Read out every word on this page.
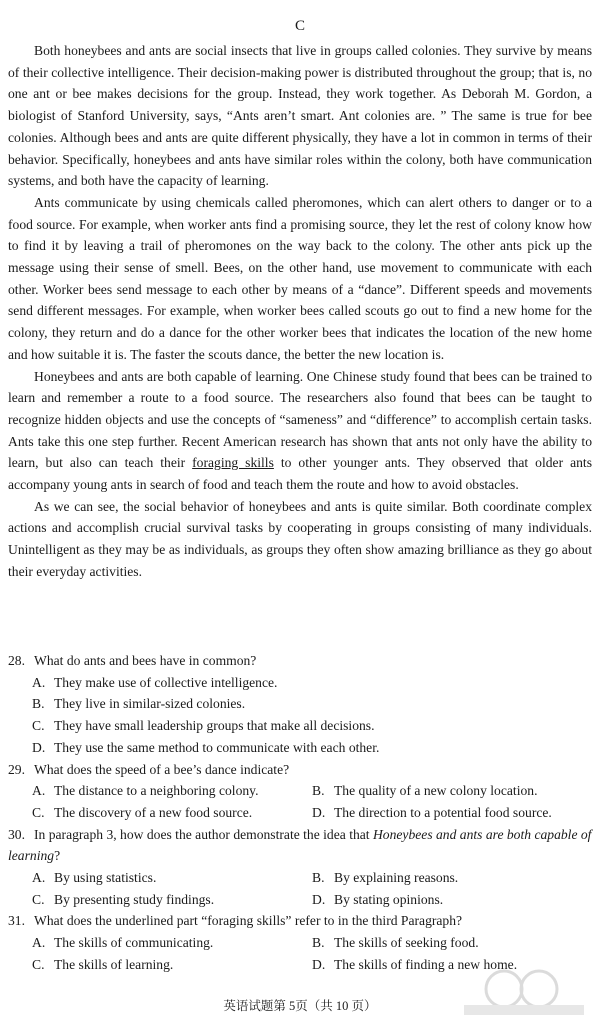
C

Both honeybees and ants are social insects that live in groups called colonies. They survive by means of their collective intelligence. Their decision-making power is distributed throughout the group; that is, no one ant or bee makes decisions for the group. Instead, they work together. As Deborah M. Gordon, a biologist of Stanford University, says, “Ants aren’t smart. Ant colonies are. ” The same is true for bee colonies. Although bees and ants are quite different physically, they have a lot in common in terms of their behavior. Specifically, honeybees and ants have similar roles within the colony, both have communication systems, and both have the capacity of learning.

Ants communicate by using chemicals called pheromones, which can alert others to danger or to a food source. For example, when worker ants find a promising source, they let the rest of colony know how to find it by leaving a trail of pheromones on the way back to the colony. The other ants pick up the message using their sense of smell. Bees, on the other hand, use movement to communicate with each other. Worker bees send message to each other by means of a “dance”. Different speeds and movements send different messages. For example, when worker bees called scouts go out to find a new home for the colony, they return and do a dance for the other worker bees that indicates the location of the new home and how suitable it is. The faster the scouts dance, the better the new location is.

Honeybees and ants are both capable of learning. One Chinese study found that bees can be trained to learn and remember a route to a food source. The researchers also found that bees can be taught to recognize hidden objects and use the concepts of “sameness” and “difference” to accomplish certain tasks. Ants take this one step further. Recent American research has shown that ants not only have the ability to learn, but also can teach their foraging skills to other younger ants. They observed that older ants accompany young ants in search of food and teach them the route and how to avoid obstacles.

As we can see, the social behavior of honeybees and ants is quite similar. Both coordinate complex actions and accomplish crucial survival tasks by cooperating in groups consisting of many individuals. Unintelligent as they may be as individuals, as groups they often show amazing brilliance as they go about their everyday activities.

28. What do ants and bees have in common?
A. They make use of collective intelligence.
B. They live in similar-sized colonies.
C. They have small leadership groups that make all decisions.
D. They use the same method to communicate with each other.
29. What does the speed of a bee’s dance indicate?
A. The distance to a neighboring colony.	B. The quality of a new colony location.
C. The discovery of a new food source.	D. The direction to a potential food source.
30. In paragraph 3, how does the author demonstrate the idea that Honeybees and ants are both capable of learning?
A. By using statistics.	B. By explaining reasons.
C. By presenting study findings.	D. By stating opinions.
31. What does the underlined part “foraging skills” refer to in the third Paragraph?
A. The skills of communicating.	B. The skills of seeking food.
C. The skills of learning.	D. The skills of finding a new home.
英语试题第 5页（共 10 页）
